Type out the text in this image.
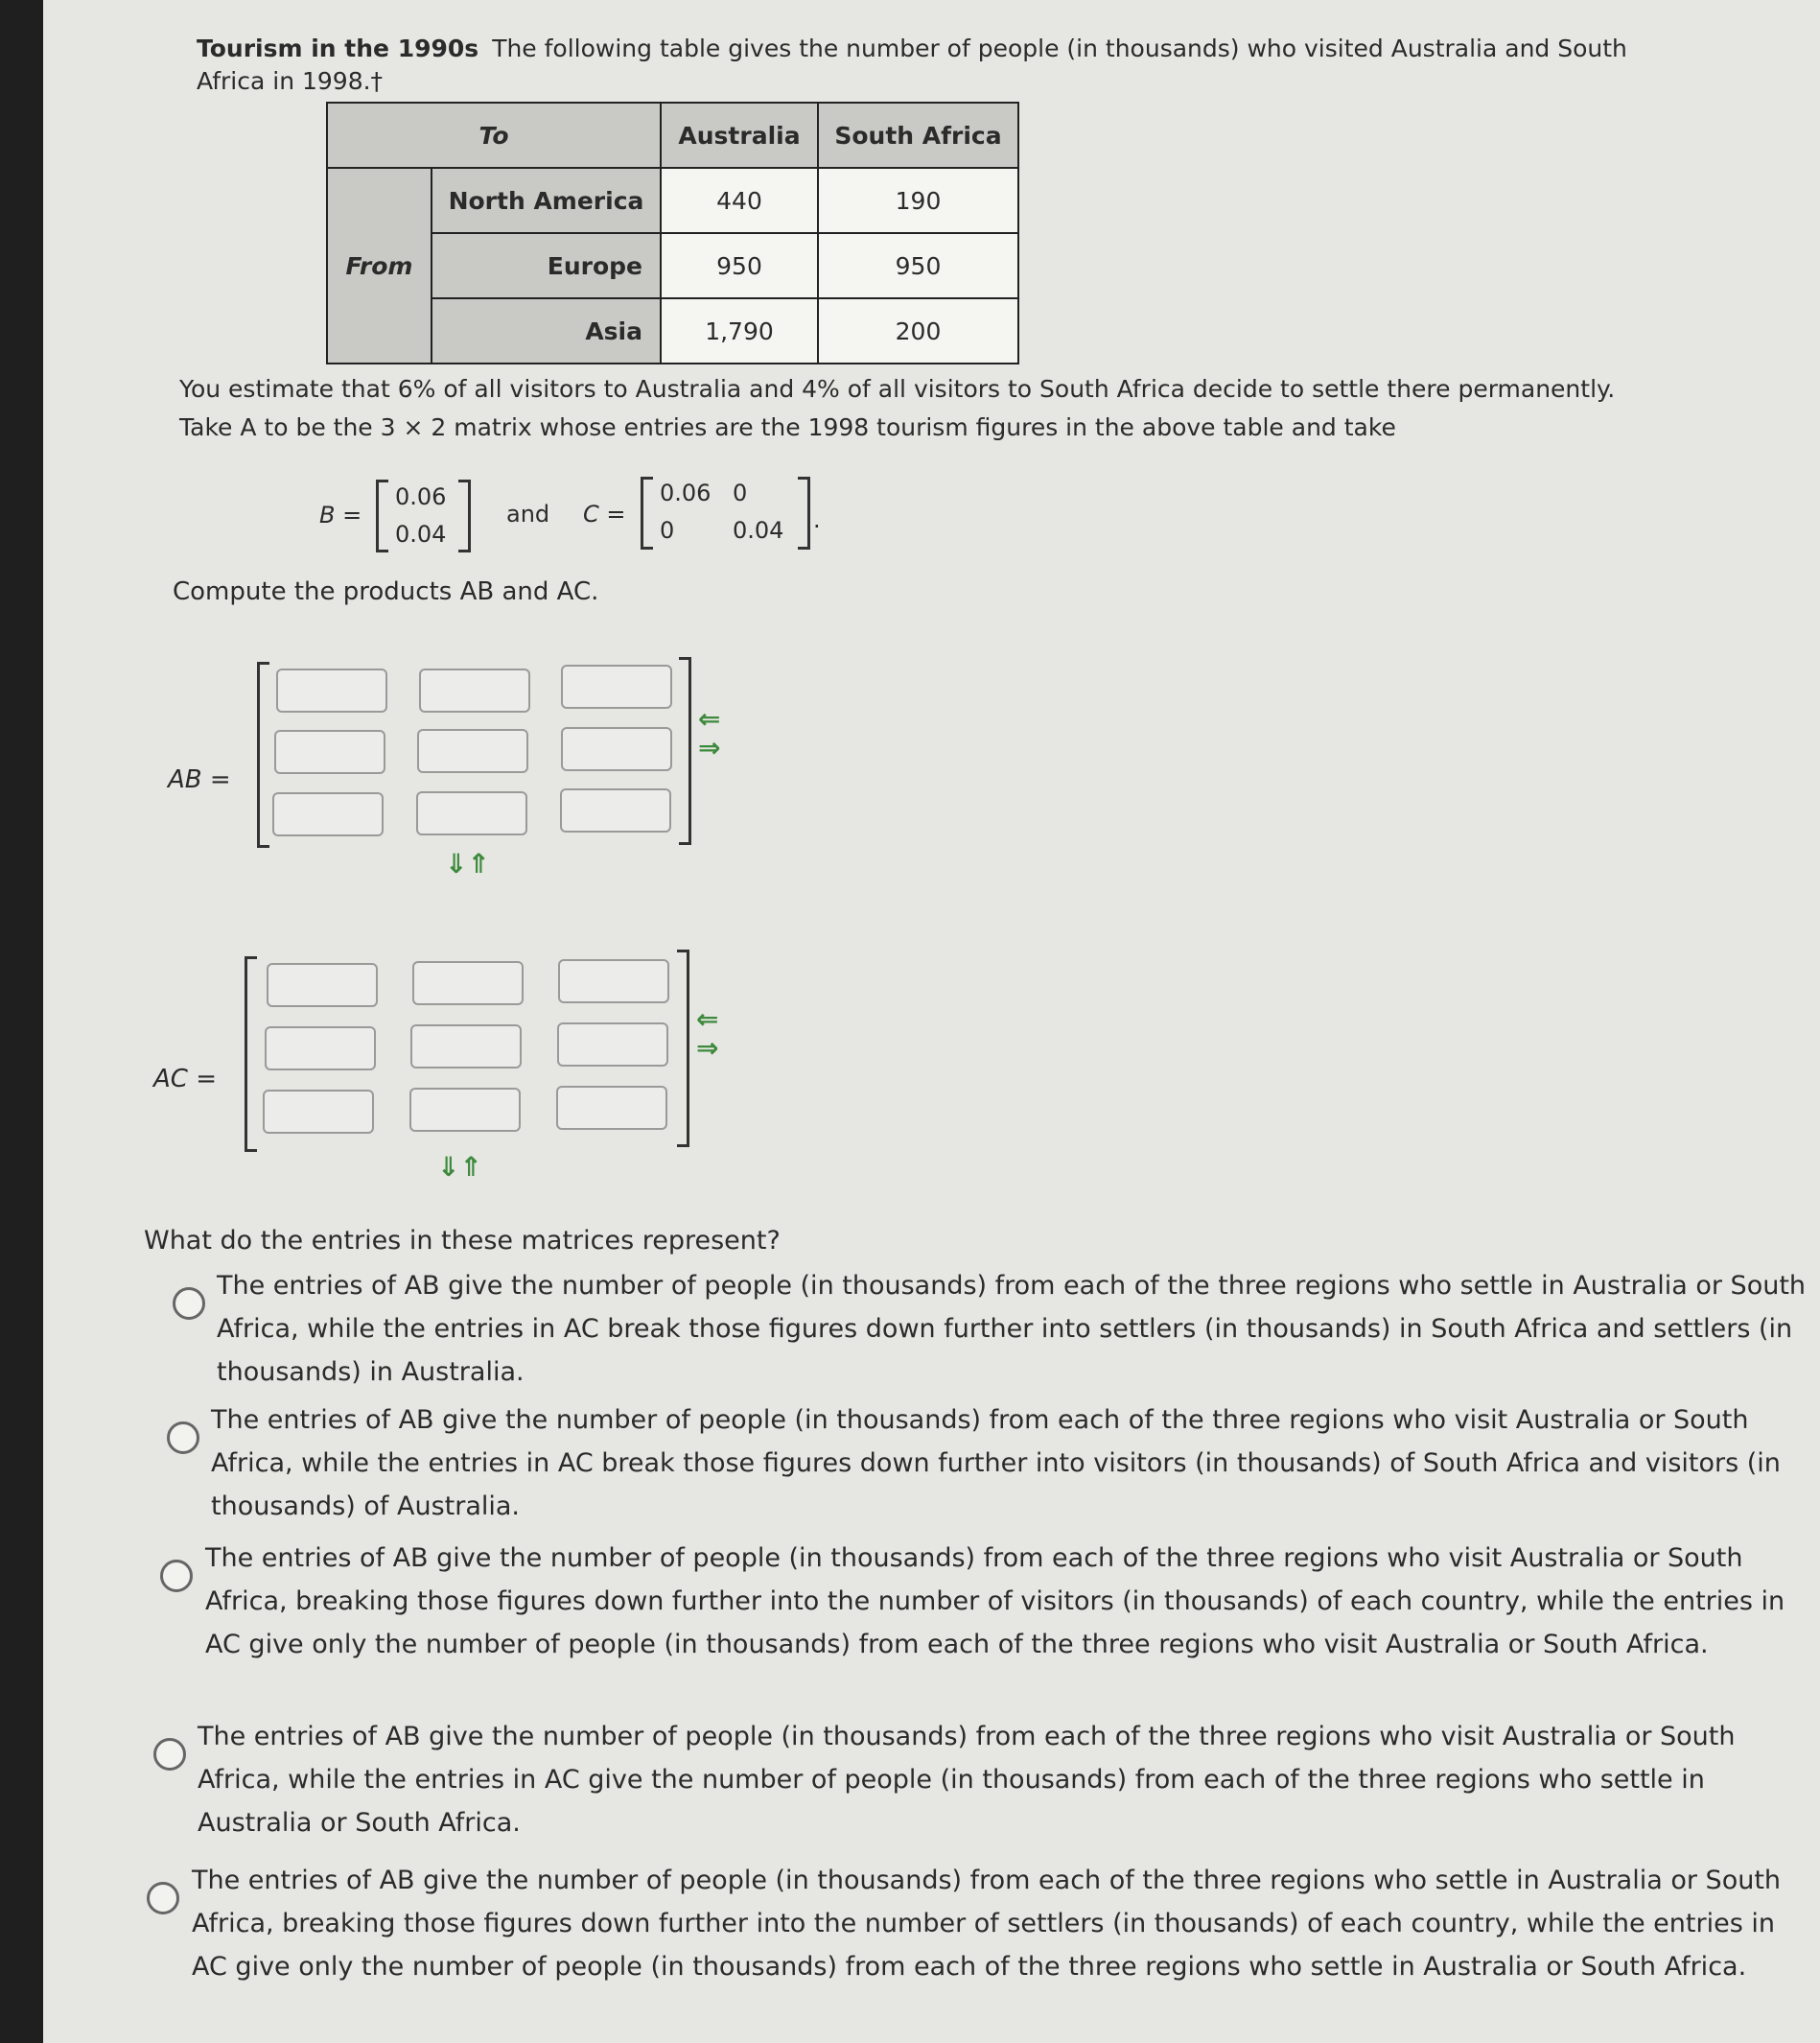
Tourism in the 1990s The following table gives the number of people (in thousands) who visited Australia and South Africa in 1998.†
To		Australia	South Africa
From	North America	440	190
	Europe	950	950
	Asia	1,790	200
You estimate that 6% of all visitors to Australia and 4% of all visitors to South Africa decide to settle there permanently.
Take A to be the 3 × 2 matrix whose entries are the 1998 tourism figures in the above table and take
B =
0.06
0.04
and C =
0.06 0
0	0.04 .
Compute the products AB and AC.
AB =
⇐ ⇒
⇓⇑
AC =
⇐ ⇒
⇓⇑
What do the entries in these matrices represent?
The entries of AB give the number of people (in thousands) from each of the three regions who settle in Australia or South Africa, while the entries in AC break those figures down further into settlers (in thousands) in South Africa and settlers (in thousands) in Australia.
The entries of AB give the number of people (in thousands) from each of the three regions who visit Australia or South Africa, while the entries in AC break those figures down further into visitors (in thousands) of South Africa and visitors (in thousands) of Australia.
The entries of AB give the number of people (in thousands) from each of the three regions who visit Australia or South Africa, breaking those figures down further into the number of visitors (in thousands) of each country, while the entries in AC give only the number of people (in thousands) from each of the three regions who visit Australia or South Africa.
The entries of AB give the number of people (in thousands) from each of the three regions who visit Australia or South Africa, while the entries in AC give the number of people (in thousands) from each of the three regions who settle in Australia or South Africa.
The entries of AB give the number of people (in thousands) from each of the three regions who settle in Australia or South Africa, breaking those figures down further into the number of settlers (in thousands) of each country, while the entries in AC give only the number of people (in thousands) from each of the three regions who settle in Australia or South Africa.
